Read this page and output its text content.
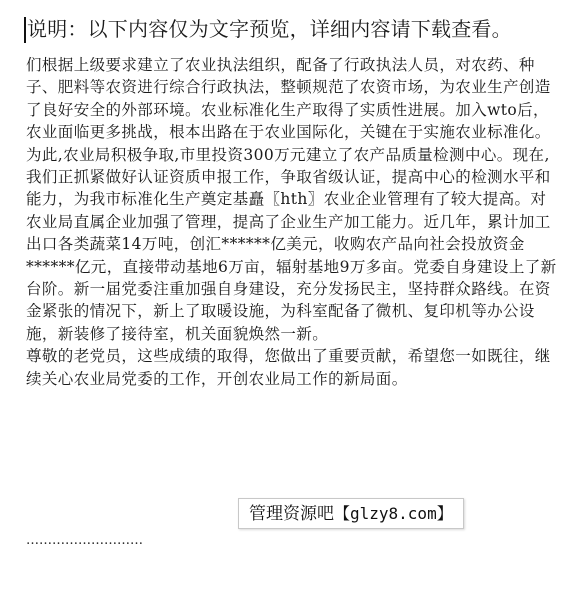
说明：以下内容仅为文字预览，详细内容请下载查看。

们根据上级要求建立了农业执法组织，配备了行政执法人员，对农药、种子、肥料等农资进行综合行政执法，整顿规范了农资市场，为农业生产创造了良好安全的外部环境。农业标准化生产取得了实质性进展。加入wto后，农业面临更多挑战，根本出路在于农业国际化，关键在于实施农业标准化。为此,农业局积极争取,市里投资300万元建立了农产品质量检测中心。现在,我们正抓紧做好认证资质申报工作，争取省级认证，提高中心的检测水平和能力，为我市标准化生产奠定基矗〖hth〗农业企业管理有了较大提高。对农业局直属企业加强了管理，提高了企业生产加工能力。近几年，累计加工出口各类蔬菜14万吨，创汇******亿美元，收购农产品向社会投放资金******亿元，直接带动基地6万亩，辐射基地9万多亩。党委自身建设上了新台阶。新一届党委注重加强自身建设，充分发扬民主，坚持群众路线。在资金紧张的情况下，新上了取暖设施，为科室配备了微机、复印机等办公设施，新装修了接待室，机关面貌焕然一新。

尊敬的老党员，这些成绩的取得，您做出了重要贡献，希望您一如既往，继续关心农业局党委的工作，开创农业局工作的新局面。

管理资源吧【glzy8.com】
………………………
